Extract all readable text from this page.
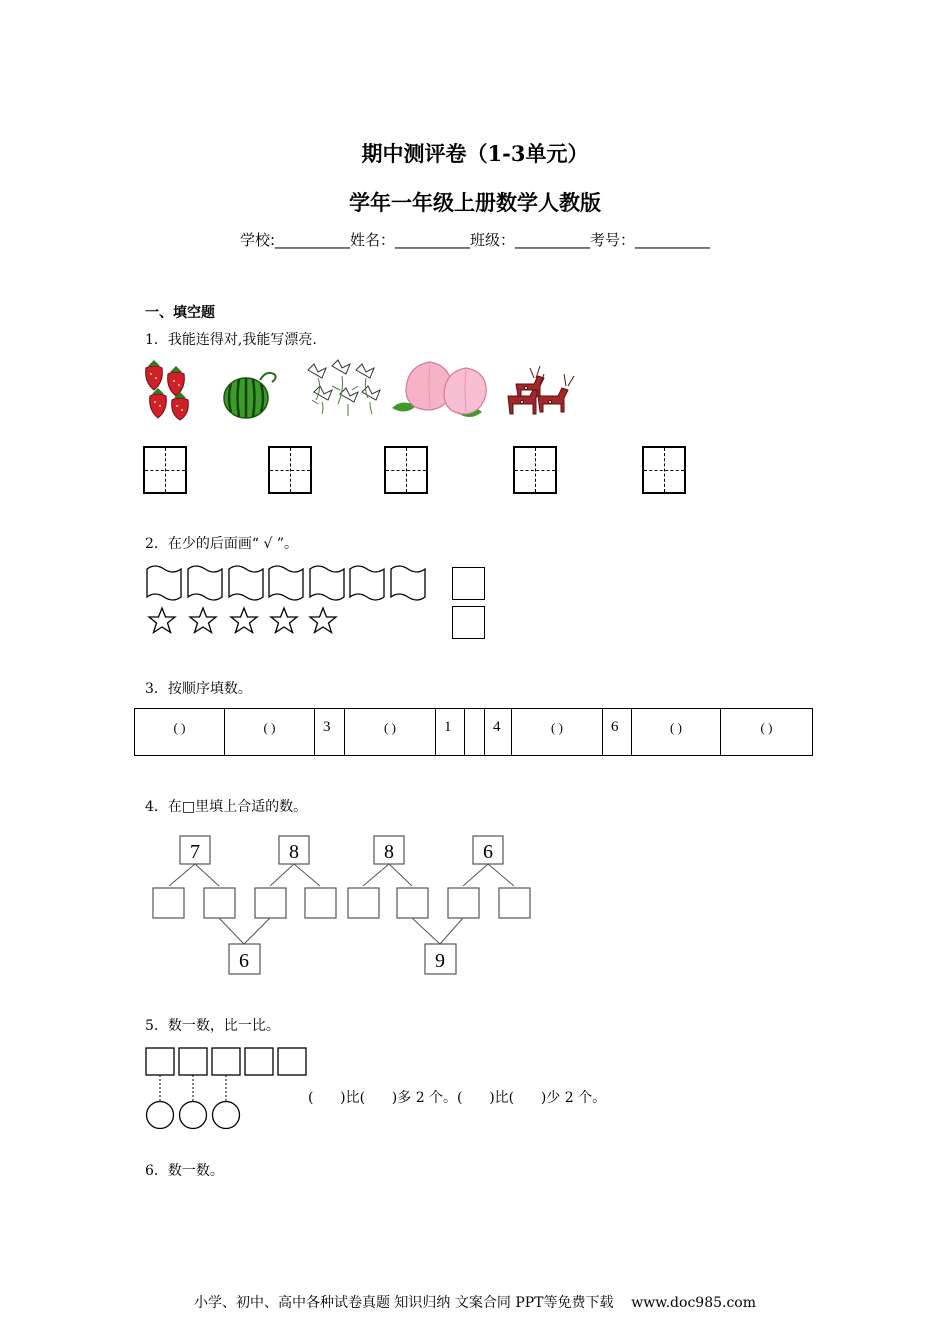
期中测评卷（1-3单元）
学年一年级上册数学人教版
学校:__________姓名：__________班级：__________考号：__________
一、填空题
1．我能连得对,我能写漂亮.
2．在少的后面画“ √ ”。
3．按顺序填数。
( )	( )	3	( )	1		4	( )	6	( )	( )
4．在□里填上合适的数。
7	8	8	6
6	9
5．数一数，比一比。
(      )比(      )多 2 个。(      )比(      )少 2 个。
6．数一数。
小学、初中、高中各种试卷真题 知识归纳 文案合同 PPT等免费下载    www.doc985.com
